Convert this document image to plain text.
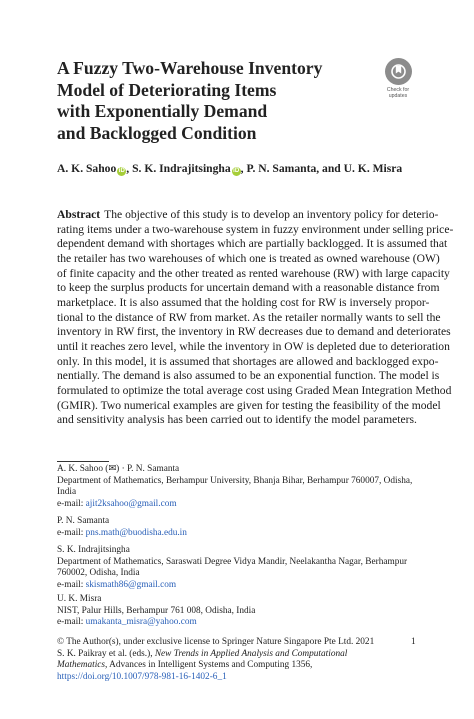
A Fuzzy Two-Warehouse Inventory
Model of Deteriorating Items
with Exponentially Demand
and Backlogged Condition
Check for
updates
A. K. Sahoo iD , S. K. Indrajitsingha iD , P. N. Samanta, and U. K. Misra
Abstract The objective of this study is to develop an inventory policy for deterio-
rating items under a two-warehouse system in fuzzy environment under selling price-
dependent demand with shortages which are partially backlogged. It is assumed that
the retailer has two warehouses of which one is treated as owned warehouse (OW)
of finite capacity and the other treated as rented warehouse (RW) with large capacity
to keep the surplus products for uncertain demand with a reasonable distance from
marketplace. It is also assumed that the holding cost for RW is inversely propor-
tional to the distance of RW from market. As the retailer normally wants to sell the
inventory in RW first, the inventory in RW decreases due to demand and deteriorates
until it reaches zero level, while the inventory in OW is depleted due to deterioration
only. In this model, it is assumed that shortages are allowed and backlogged expo-
nentially. The demand is also assumed to be an exponential function. The model is
formulated to optimize the total average cost using Graded Mean Integration Method
(GMIR). Two numerical examples are given for testing the feasibility of the model
and sensitivity analysis has been carried out to identify the model parameters.
A. K. Sahoo (✉) · P. N. Samanta
Department of Mathematics, Berhampur University, Bhanja Bihar, Berhampur 760007, Odisha,
India
e-mail: ajit2ksahoo@gmail.com
P. N. Samanta
e-mail: pns.math@buodisha.edu.in
S. K. Indrajitsingha
Department of Mathematics, Saraswati Degree Vidya Mandir, Neelakantha Nagar, Berhampur
760002, Odisha, India
e-mail: skismath86@gmail.com
U. K. Misra
NIST, Palur Hills, Berhampur 761 008, Odisha, India
e-mail: umakanta_misra@yahoo.com
© The Author(s), under exclusive license to Springer Nature Singapore Pte Ltd. 2021
S. K. Paikray et al. (eds.), New Trends in Applied Analysis and Computational
Mathematics, Advances in Intelligent Systems and Computing 1356,
https://doi.org/10.1007/978-981-16-1402-6_1
1
